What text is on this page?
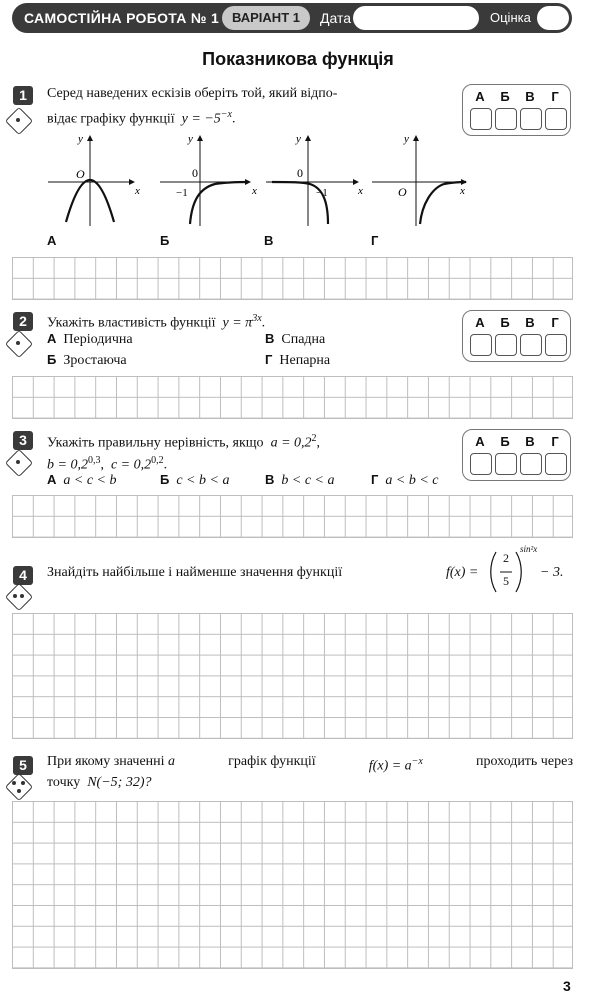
САМОСТІЙНА РОБОТА № 1 ВАРІАНТ 1	Дата	Оцінка
Показникова функція
1	Серед наведених ескізів оберіть той, який відпо-
відає графіку функції $y = -5^{-x}$.
А	Б	В	Г
y
O
x
y
0
−1	x
y
0
−1	x
y
O	x
А	Б	В	Г
2	Укажіть властивість функції $y = \pi^{3x}$.
А Періодична	В Спадна
Б Зростаюча	Г Непарна
А	Б	В	Г
3	Укажіть правильну нерівність, якщо $a = 0,2^2$,
$b = 0,2^{0,3}$,  $c = 0,2^{0,2}$.
А a < c < b	Б c < b < a	В b < c < a	Г a < b < c
А	Б	В	Г
4	Знайдіть найбільше і найменше значення функції	f(x) =
2
5
sin²x
− 3.
5	При якому значенні a	графік функції	$f(x) = a^{-x}$	проходить через
точку N(−5; 32)?
3
